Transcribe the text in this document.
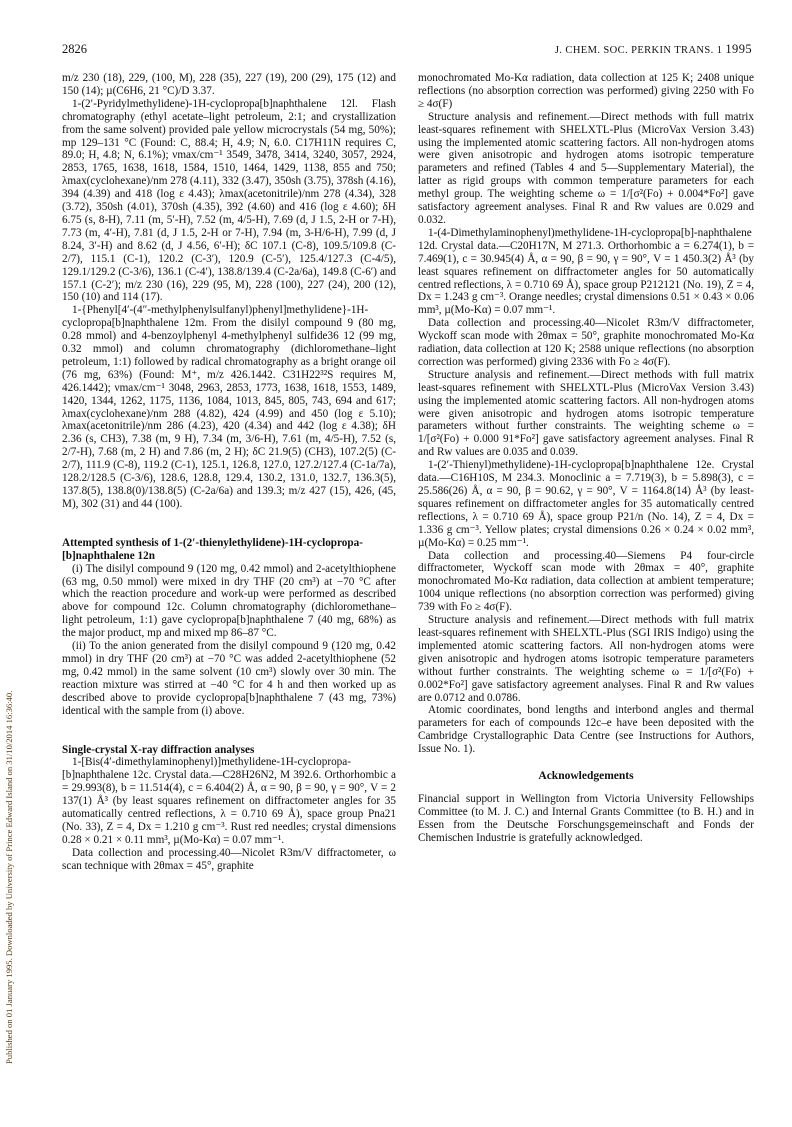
2826	J. CHEM. SOC. PERKIN TRANS. 1 1995
Published on 01 January 1995. Downloaded by University of Prince Edward Island on 31/10/2014 16:36:40.

m/z 230 (18), 229, (100, M), 228 (35), 227 (19), 200 (29), 175 (12) and 150 (14); µ(C6H6, 21 °C)/D 3.37.

1-(2′-Pyridylmethylidene)-1H-cyclopropa[b]naphthalene 12l. Flash chromatography (ethyl acetate–light petroleum, 2:1; and crystallization from the same solvent) provided pale yellow microcrystals (54 mg, 50%); mp 129–131 °C (Found: C, 88.4; H, 4.9; N, 6.0. C17H11N requires C, 89.0; H, 4.8; N, 6.1%); νmax/cm⁻¹ 3549, 3478, 3414, 3240, 3057, 2924, 2853, 1765, 1638, 1618, 1584, 1510, 1464, 1429, 1138, 855 and 750; λmax(cyclohexane)/nm 278 (4.11), 332 (3.47), 350sh (3.75), 378sh (4.16), 394 (4.39) and 418 (log ε 4.43); λmax(acetonitrile)/nm 278 (4.34), 328 (3.72), 350sh (4.01), 370sh (4.35), 392 (4.60) and 416 (log ε 4.60); δH 6.75 (s, 8-H), 7.11 (m, 5′-H), 7.52 (m, 4/5-H), 7.69 (d, J 1.5, 2-H or 7-H), 7.73 (m, 4′-H), 7.81 (d, J 1.5, 2-H or 7-H), 7.94 (m, 3-H/6-H), 7.99 (d, J 8.24, 3′-H) and 8.62 (d, J 4.56, 6′-H); δC 107.1 (C-8), 109.5/109.8 (C-2/7), 115.1 (C-1), 120.2 (C-3′), 120.9 (C-5′), 125.4/127.3 (C-4/5), 129.1/129.2 (C-3/6), 136.1 (C-4′), 138.8/139.4 (C-2a/6a), 149.8 (C-6′) and 157.1 (C-2′); m/z 230 (16), 229 (95, M), 228 (100), 227 (24), 200 (12), 150 (10) and 114 (17).

1-{Phenyl[4′-(4″-methylphenylsulfanyl)phenyl]methylidene}-1H-cyclopropa[b]naphthalene 12m. From the disilyl compound 9 (80 mg, 0.28 mmol) and 4-benzoylphenyl 4-methylphenyl sulfide36 12 (99 mg, 0.32 mmol) and column chromatography (dichloromethane–light petroleum, 1:1) followed by radical chromatography as a bright orange oil (76 mg, 63%) (Found: M⁺, m/z 426.1442. C31H22³²S requires M, 426.1442); νmax/cm⁻¹ 3048, 2963, 2853, 1773, 1638, 1618, 1553, 1489, 1420, 1344, 1262, 1175, 1136, 1084, 1013, 845, 805, 743, 694 and 617; λmax(cyclohexane)/nm 288 (4.82), 424 (4.99) and 450 (log ε 5.10); λmax(acetonitrile)/nm 286 (4.23), 420 (4.34) and 442 (log ε 4.38); δH 2.36 (s, CH3), 7.38 (m, 9 H), 7.34 (m, 3/6-H), 7.61 (m, 4/5-H), 7.52 (s, 2/7-H), 7.68 (m, 2 H) and 7.86 (m, 2 H); δC 21.9(5) (CH3), 107.2(5) (C-2/7), 111.9 (C-8), 119.2 (C-1), 125.1, 126.8, 127.0, 127.2/127.4 (C-1a/7a), 128.2/128.5 (C-3/6), 128.6, 128.8, 129.4, 130.2, 131.0, 132.7, 136.3(5), 137.8(5), 138.8(0)/138.8(5) (C-2a/6a) and 139.3; m/z 427 (15), 426, (45, M), 302 (31) and 44 (100).

Attempted synthesis of 1-(2′-thienylethylidene)-1H-cyclopropa-[b]naphthalene 12n

(i) The disilyl compound 9 (120 mg, 0.42 mmol) and 2-acetylthiophene (63 mg, 0.50 mmol) were mixed in dry THF (20 cm³) at −70 °C after which the reaction procedure and work-up were performed as described above for compound 12c. Column chromatography (dichloromethane–light petroleum, 1:1) gave cyclopropa[b]naphthalene 7 (40 mg, 68%) as the major product, mp and mixed mp 86–87 °C.

(ii) To the anion generated from the disilyl compound 9 (120 mg, 0.42 mmol) in dry THF (20 cm³) at −70 °C was added 2-acetylthiophene (52 mg, 0.42 mmol) in the same solvent (10 cm³) slowly over 30 min. The reaction mixture was stirred at −40 °C for 4 h and then worked up as described above to provide cyclopropa[b]naphthalene 7 (43 mg, 73%) identical with the sample from (i) above.

Single-crystal X-ray diffraction analyses

1-[Bis(4′-dimethylaminophenyl)]methylidene-1H-cyclopropa-[b]naphthalene 12c. Crystal data.—C28H26N2, M 392.6. Orthorhombic a = 29.993(8), b = 11.514(4), c = 6.404(2) Å, α = 90, β = 90, γ = 90°, V = 2 137(1) Å³ (by least squares refinement on diffractometer angles for 35 automatically centred reflections, λ = 0.710 69 Å), space group Pna21 (No. 33), Z = 4, Dx = 1.210 g cm⁻³. Rust red needles; crystal dimensions 0.28 × 0.21 × 0.11 mm³, µ(Mo-Kα) = 0.07 mm⁻¹.

Data collection and processing.40—Nicolet R3m/V diffractometer, ω scan technique with 2θmax = 45°, graphite

monochromated Mo-Kα radiation, data collection at 125 K; 2408 unique reflections (no absorption correction was performed) giving 2250 with Fo ≥ 4σ(F)

Structure analysis and refinement.—Direct methods with full matrix least-squares refinement with SHELXTL-Plus (MicroVax Version 3.43) using the implemented atomic scattering factors. All non-hydrogen atoms were given anisotropic and hydrogen atoms isotropic temperature parameters and refined (Tables 4 and 5—Supplementary Material), the latter as rigid groups with common temperature parameters for each methyl group. The weighting scheme ω = 1/[σ²(Fo) + 0.004*Fo²] gave satisfactory agreement analyses. Final R and Rw values are 0.029 and 0.032.

1-(4-Dimethylaminophenyl)methylidene-1H-cyclopropa[b]-naphthalene 12d. Crystal data.—C20H17N, M 271.3. Orthorhombic a = 6.274(1), b = 7.469(1), c = 30.945(4) Å, α = 90, β = 90, γ = 90°, V = 1 450.3(2) Å³ (by least squares refinement on diffractometer angles for 50 automatically centred reflections, λ = 0.710 69 Å), space group P212121 (No. 19), Z = 4, Dx = 1.243 g cm⁻³. Orange needles; crystal dimensions 0.51 × 0.43 × 0.06 mm³, µ(Mo-Kα) = 0.07 mm⁻¹.

Data collection and processing.40—Nicolet R3m/V diffractometer, Wyckoff scan mode with 2θmax = 50°, graphite monochromated Mo-Kα radiation, data collection at 120 K; 2588 unique reflections (no absorption correction was performed) giving 2336 with Fo ≥ 4σ(F).

Structure analysis and refinement.—Direct methods with full matrix least-squares refinement with SHELXTL-Plus (MicroVax Version 3.43) using the implemented atomic scattering factors. All non-hydrogen atoms were given anisotropic and hydrogen atoms isotropic temperature parameters without further constraints. The weighting scheme ω = 1/[σ²(Fo) + 0.000 91*Fo²] gave satisfactory agreement analyses. Final R and Rw values are 0.035 and 0.039.

1-(2′-Thienyl)methylidene)-1H-cyclopropa[b]naphthalene 12e. Crystal data.—C16H10S, M 234.3. Monoclinic a = 7.719(3), b = 5.898(3), c = 25.586(26) Å, α = 90, β = 90.62, γ = 90°, V = 1164.8(14) Å³ (by least-squares refinement on diffractometer angles for 35 automatically centred reflections, λ = 0.710 69 Å), space group P21/n (No. 14), Z = 4, Dx = 1.336 g cm⁻³. Yellow plates; crystal dimensions 0.26 × 0.24 × 0.02 mm³, µ(Mo-Kα) = 0.25 mm⁻¹.

Data collection and processing.40—Siemens P4 four-circle diffractometer, Wyckoff scan mode with 2θmax = 40°, graphite monochromated Mo-Kα radiation, data collection at ambient temperature; 1004 unique reflections (no absorption correction was performed) giving 739 with Fo ≥ 4σ(F).

Structure analysis and refinement.—Direct methods with full matrix least-squares refinement with SHELXTL-Plus (SGI IRIS Indigo) using the implemented atomic scattering factors. All non-hydrogen atoms were given anisotropic and hydrogen atoms isotropic temperature parameters without further constraints. The weighting scheme ω = 1/[σ²(Fo) + 0.002*Fo²] gave satisfactory agreement analyses. Final R and Rw values are 0.0712 and 0.0786.

Atomic coordinates, bond lengths and interbond angles and thermal parameters for each of compounds 12c–e have been deposited with the Cambridge Crystallographic Data Centre (see Instructions for Authors, Issue No. 1).

Acknowledgements

Financial support in Wellington from Victoria University Fellowships Committee (to M. J. C.) and Internal Grants Committee (to B. H.) and in Essen from the Deutsche Forschungsgemeinschaft and Fonds der Chemischen Industrie is gratefully acknowledged.
